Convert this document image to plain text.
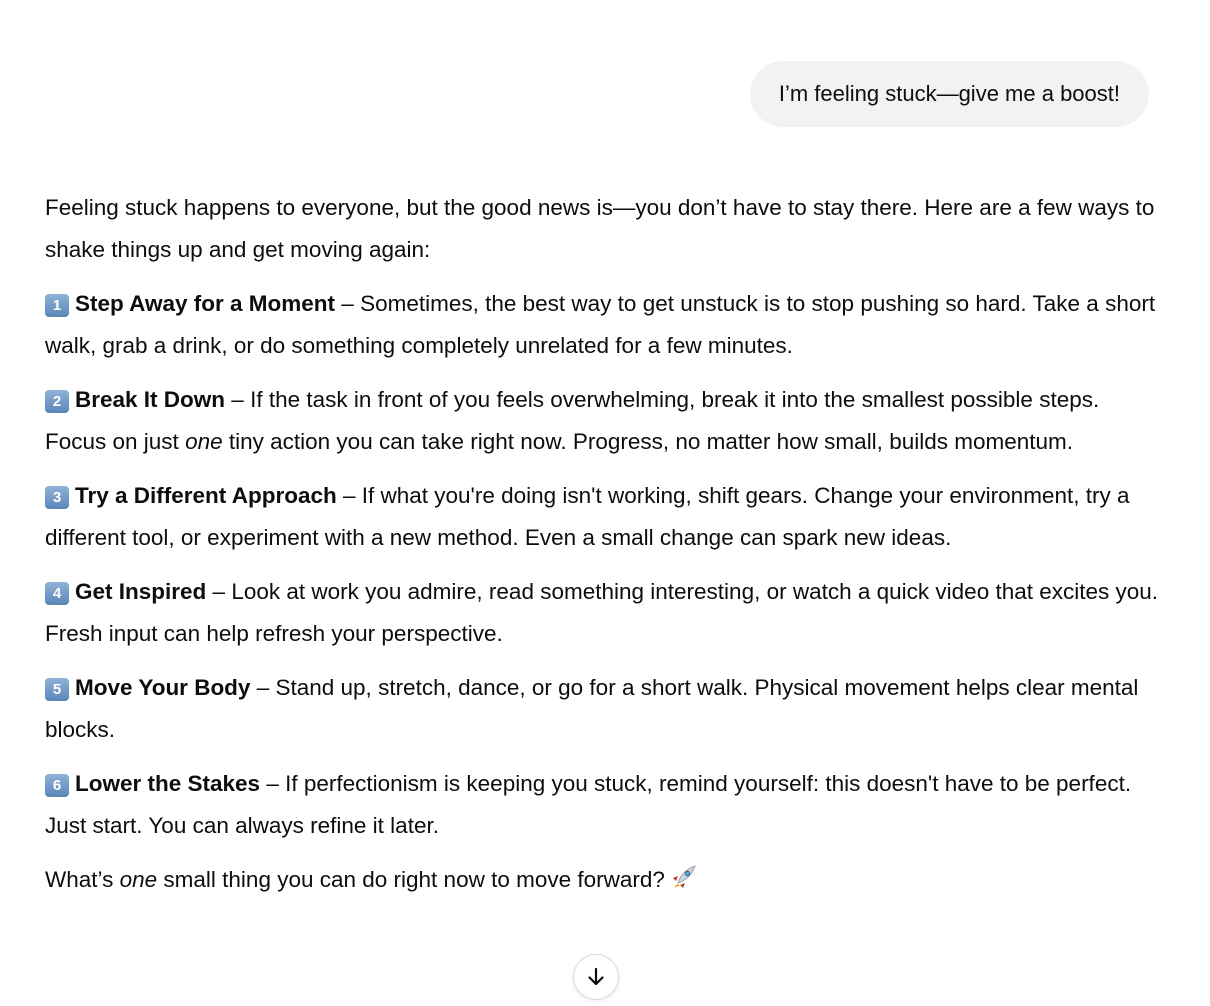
I’m feeling stuck—give me a boost!

Feeling stuck happens to everyone, but the good news is—you don’t have to stay there. Here are a few ways to shake things up and get moving again:

1 Step Away for a Moment – Sometimes, the best way to get unstuck is to stop pushing so hard. Take a short walk, grab a drink, or do something completely unrelated for a few minutes.

2 Break It Down – If the task in front of you feels overwhelming, break it into the smallest possible steps. Focus on just one tiny action you can take right now. Progress, no matter how small, builds momentum.

3 Try a Different Approach – If what you're doing isn't working, shift gears. Change your environment, try a different tool, or experiment with a new method. Even a small change can spark new ideas.

4 Get Inspired – Look at work you admire, read something interesting, or watch a quick video that excites you. Fresh input can help refresh your perspective.

5 Move Your Body – Stand up, stretch, dance, or go for a short walk. Physical movement helps clear mental blocks.

6 Lower the Stakes – If perfectionism is keeping you stuck, remind yourself: this doesn't have to be perfect. Just start. You can always refine it later.

What’s one small thing you can do right now to move forward?
